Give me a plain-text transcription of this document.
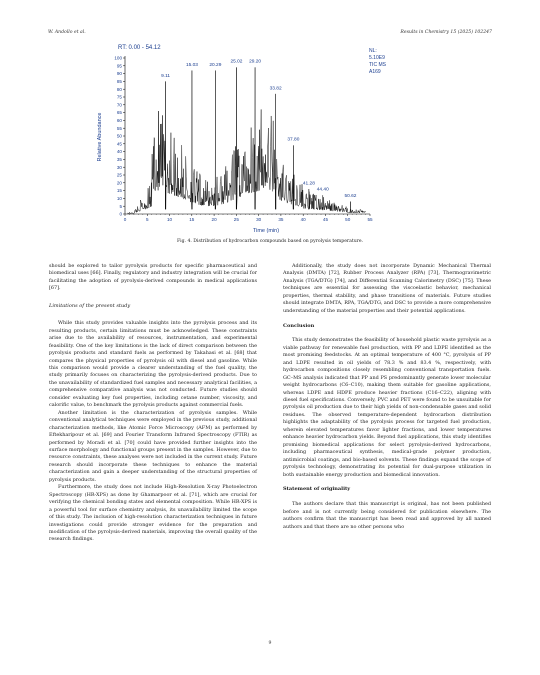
W. Andollo et al.	Results in Chemistry 15 (2025) 102247
RT: 0.00 - 54.12	NL:
5.10E9
TIC MS
A169
Relative Abundance
Time (min)
0
5
10
15
20
25
30
35
40
45
50
55
60
65
70
75
80
85
90
95
100
0	5	10	15	20	25	30	35	40	45	50	55
9.11
15.03 20.29
25.02 29.20
33.82
37.80
41.28
44.40
50.62
Fig. 4. Distribution of hydrocarbon compounds based on pyrolysis temperature.

should be explored to tailor pyrolysis products for specific pharmaceutical and biomedical uses [66]. Finally, regulatory and industry integration will be crucial for facilitating the adoption of pyrolysis-derived compounds in medical applications [67].

Limitations of the present study

While this study provides valuable insights into the pyrolysis process and its resulting products, certain limitations must be acknowledged. These constraints arise due to the availability of resources, instrumentation, and experimental feasibility. One of the key limitations is the lack of direct comparison between the pyrolysis products and standard fuels as performed by Takahasi et al. [68] that compares the physical properties of pyrolysis oil with diesel and gasoline. While this comparison would provide a clearer understanding of the fuel quality, the study primarily focuses on characterizing the pyrolysis-derived products. Due to the unavailability of standardized fuel samples and necessary analytical facilities, a comprehensive comparative analysis was not conducted. Future studies should consider evaluating key fuel properties, including cetane number, viscosity, and calorific value, to benchmark the pyrolysis products against commercial fuels.

Another limitation is the characterization of pyrolysis samples. While conventional analytical techniques were employed in the previous study, additional characterization methods, like Atomic Force Microscopy (AFM) as performed by Eftekharipour et al. [69] and Fourier Transform Infrared Spectroscopy (FTIR) as performed by Moradi et al. [70] could have provided further insights into the surface morphology and functional groups present in the samples. However, due to resource constraints, these analyses were not included in the current study. Future research should incorporate these techniques to enhance the material characterization and gain a deeper understanding of the structural properties of pyrolysis products.

Furthermore, the study does not include High-Resolution X-ray Photoelectron Spectroscopy (HR-XPS) as done by Ghamarpoor et al. [71], which are crucial for verifying the chemical bonding states and elemental composition. While HR-XPS is a powerful tool for surface chemistry analysis, its unavailability limited the scope of this study. The inclusion of high-resolution characterization techniques in future investigations could provide stronger evidence for the preparation and modification of the pyrolysis-derived materials, improving the overall quality of the research findings.

Additionally, the study does not incorporate Dynamic Mechanical Thermal Analysis (DMTA) [72], Rubber Process Analyzer (RPA) [73], Thermogravimetric Analysis (TGA/DTG) [74], and Differential Scanning Calorimetry (DSC) [75]. These techniques are essential for assessing the viscoelastic behavior, mechanical properties, thermal stability, and phase transitions of materials. Future studies should integrate DMTA, RPA, TGA/DTG, and DSC to provide a more comprehensive understanding of the material properties and their potential applications.

Conclusion

This study demonstrates the feasibility of household plastic waste pyrolysis as a viable pathway for renewable fuel production, with PP and LDPE identified as the most promising feedstocks. At an optimal temperature of 400 °C, pyrolysis of PP and LDPE resulted in oil yields of 78.3 % and 83.4 %, respectively, with hydrocarbon compositions closely resembling conventional transportation fuels. GC–MS analysis indicated that PP and PS predominantly generate lower molecular weight hydrocarbons (C6–C10), making them suitable for gasoline applications, whereas LDPE and HDPE produce heavier fractions (C16–C22), aligning with diesel fuel specifications. Conversely, PVC and PET were found to be unsuitable for pyrolysis oil production due to their high yields of non-condensable gases and solid residues. The observed temperature-dependent hydrocarbon distribution highlights the adaptability of the pyrolysis process for targeted fuel production, wherein elevated temperatures favor lighter fractions, and lower temperatures enhance heavier hydrocarbon yields. Beyond fuel applications, this study identifies promising biomedical applications for select pyrolysis-derived hydrocarbons, including pharmaceutical synthesis, medical-grade polymer production, antimicrobial coatings, and bio-based solvents. These findings expand the scope of pyrolysis technology, demonstrating its potential for dual-purpose utilization in both sustainable energy production and biomedical innovation.

Statement of originality

The authors declare that this manuscript is original, has not been published before and is not currently being considered for publication elsewhere. The authors confirm that the manuscript has been read and approved by all named authors and that there are no other persons who

9
